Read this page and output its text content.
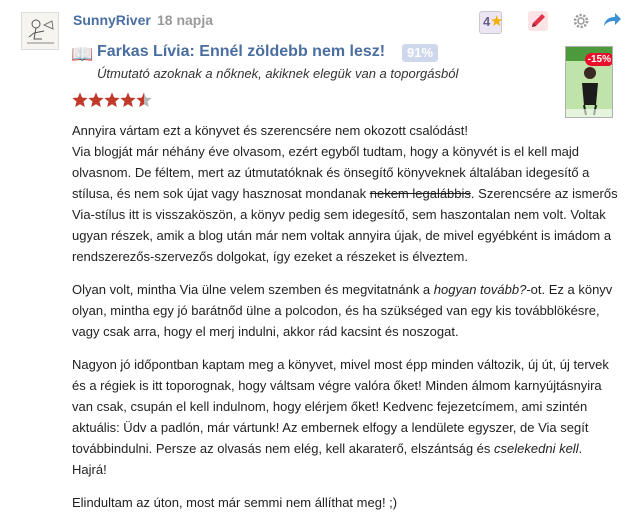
SunnyRiver 18 napja	4 ★
📖 Farkas Lívia: Ennél zöldebb nem lesz!	91%
Útmutató azoknak a nőknek, akiknek elegük van a toporgásból
-15%

Annyira vártam ezt a könyvet és szerencsére nem okozott csalódást!
Via blogját már néhány éve olvasom, ezért egyből tudtam, hogy a könyvét is el kell majd olvasnom. De féltem, mert az útmutatóknak és önsegítő könyveknek általában idegesítő a stílusa, és nem sok újat vagy hasznosat mondanak nekem legalábbis. Szerencsére az ismerős Via-stílus itt is visszaköszön, a könyv pedig sem idegesítő, sem haszontalan nem volt. Voltak ugyan részek, amik a blog után már nem voltak annyira újak, de mivel egyébként is imádom a rendszerezős-szervezős dolgokat, így ezeket a részeket is élveztem.

Olyan volt, mintha Via ülne velem szemben és megvitatnánk a hogyan tovább?-ot. Ez a könyv olyan, mintha egy jó barátnőd ülne a polcodon, és ha szükséged van egy kis továbblökésre, vagy csak arra, hogy el merj indulni, akkor rád kacsint és noszogat.

Nagyon jó időpontban kaptam meg a könyvet, mivel most épp minden változik, új út, új tervek és a régiek is itt toporognak, hogy váltsam végre valóra őket! Minden álmom karnyújtásnyira van csak, csupán el kell indulnom, hogy elérjem őket! Kedvenc fejezetcímem, ami szintén aktuális: Üdv a padlón, már vártunk! Az embernek elfogy a lendülete egyszer, de Via segít továbbindulni. Persze az olvasás nem elég, kell akaraterő, elszántság és cselekedni kell. Hajrá!

Elindultam az úton, most már semmi nem állíthat meg! ;)
